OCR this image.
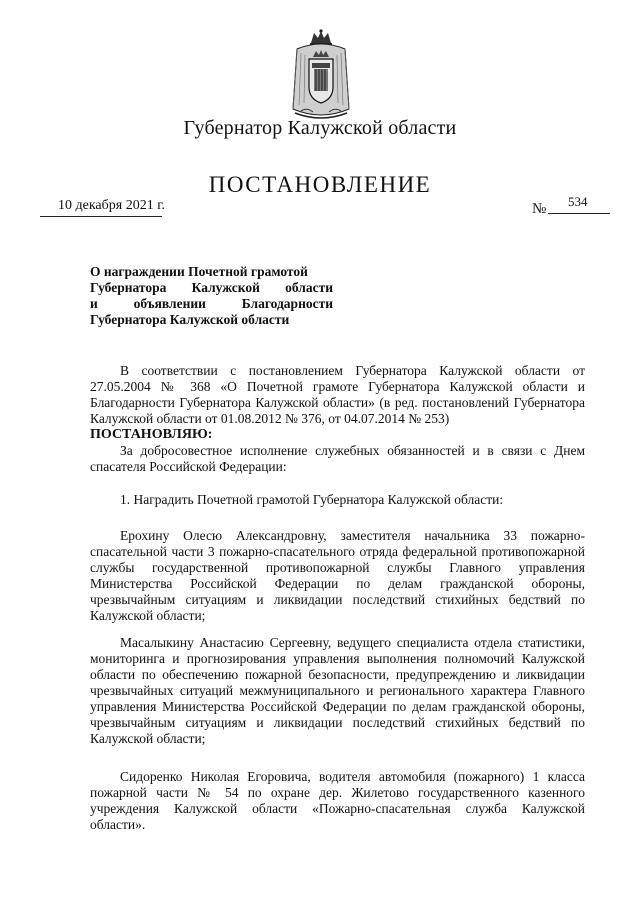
Губернатор Калужской области
ПОСТАНОВЛЕНИЕ
10 декабря 2021 г.	№ 534
О награждении Почетной грамотой
Губернатора Калужской области
и объявлении Благодарности
Губернатора Калужской области

В соответствии с постановлением Губернатора Калужской области от 27.05.2004 № 368 «О Почетной грамоте Губернатора Калужской области и Благодарности Губернатора Калужской области» (в ред. постановлений Губернатора Калужской области от 01.08.2012 № 376, от 04.07.2014 № 253)

ПОСТАНОВЛЯЮ:

За добросовестное исполнение служебных обязанностей и в связи с Днем спасателя Российской Федерации:

1. Наградить Почетной грамотой Губернатора Калужской области:

Ерохину Олесю Александровну, заместителя начальника 33 пожарно-спасательной части 3 пожарно-спасательного отряда федеральной противопожарной службы государственной противопожарной службы Главного управления Министерства Российской Федерации по делам гражданской обороны, чрезвычайным ситуациям и ликвидации последствий стихийных бедствий по Калужской области;

Масалыкину Анастасию Сергеевну, ведущего специалиста отдела статистики, мониторинга и прогнозирования управления выполнения полномочий Калужской области по обеспечению пожарной безопасности, предупреждению и ликвидации чрезвычайных ситуаций межмуниципального и регионального характера Главного управления Министерства Российской Федерации по делам гражданской обороны, чрезвычайным ситуациям и ликвидации последствий стихийных бедствий по Калужской области;

Сидоренко Николая Егоровича, водителя автомобиля (пожарного) 1 класса пожарной части № 54 по охране дер. Жилетово государственного казенного учреждения Калужской области «Пожарно-спасательная служба Калужской области».
